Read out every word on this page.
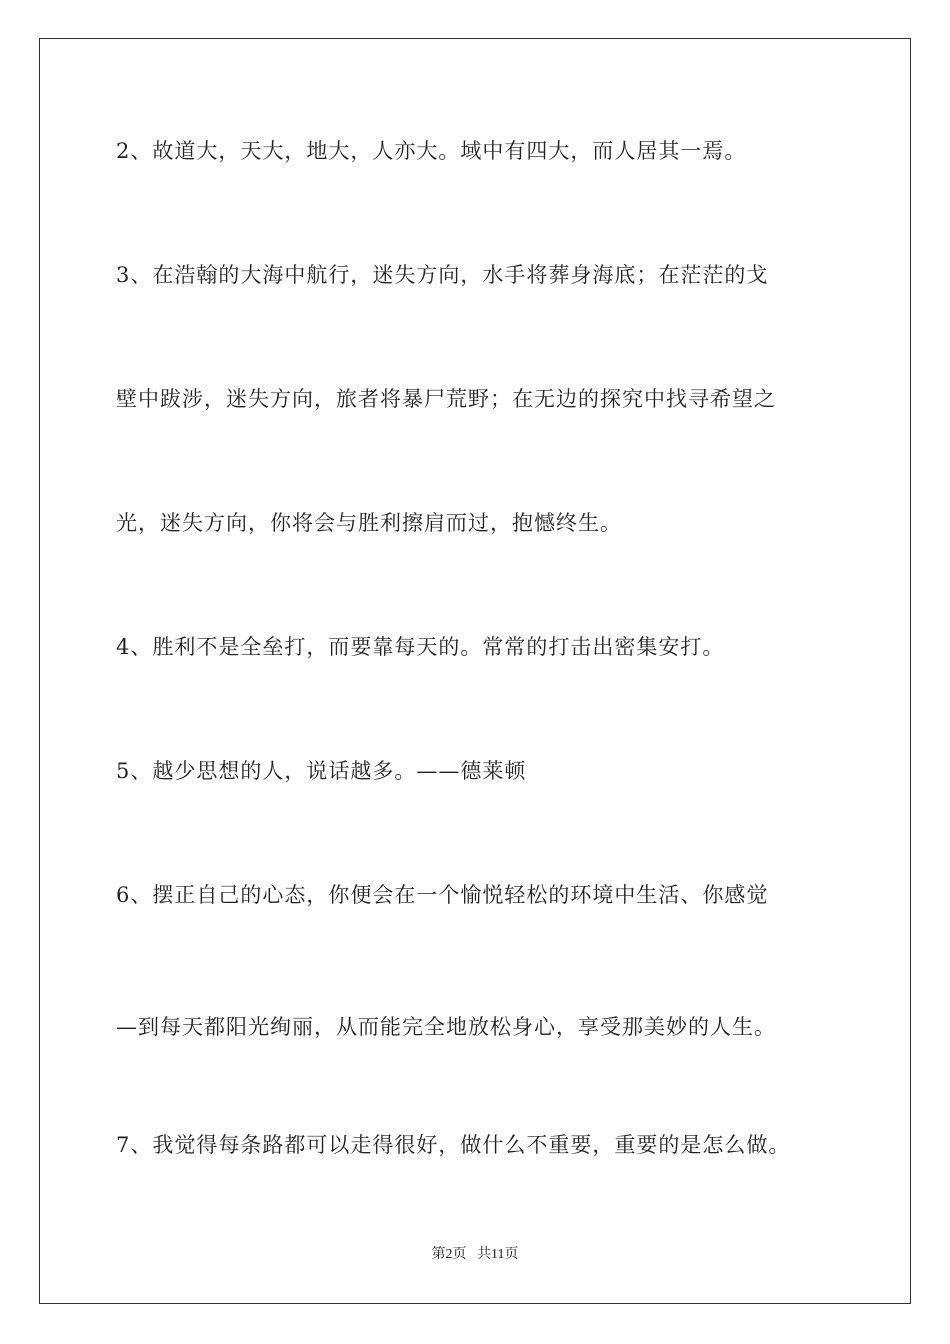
2、故道大，天大，地大，人亦大。域中有四大，而人居其一焉。
3、在浩翰的大海中航行，迷失方向，水手将葬身海底；在茫茫的戈
壁中跋涉，迷失方向，旅者将暴尸荒野；在无边的探究中找寻希望之
光，迷失方向，你将会与胜利擦肩而过，抱憾终生。
4、胜利不是全垒打，而要靠每天的。常常的打击出密集安打。
5、越少思想的人，说话越多。——德莱顿
6、摆正自己的心态，你便会在一个愉悦轻松的环境中生活、你感觉
—到每天都阳光绚丽，从而能完全地放松身心，享受那美妙的人生。
7、我觉得每条路都可以走得很好，做什么不重要，重要的是怎么做。
第2页 共11页
